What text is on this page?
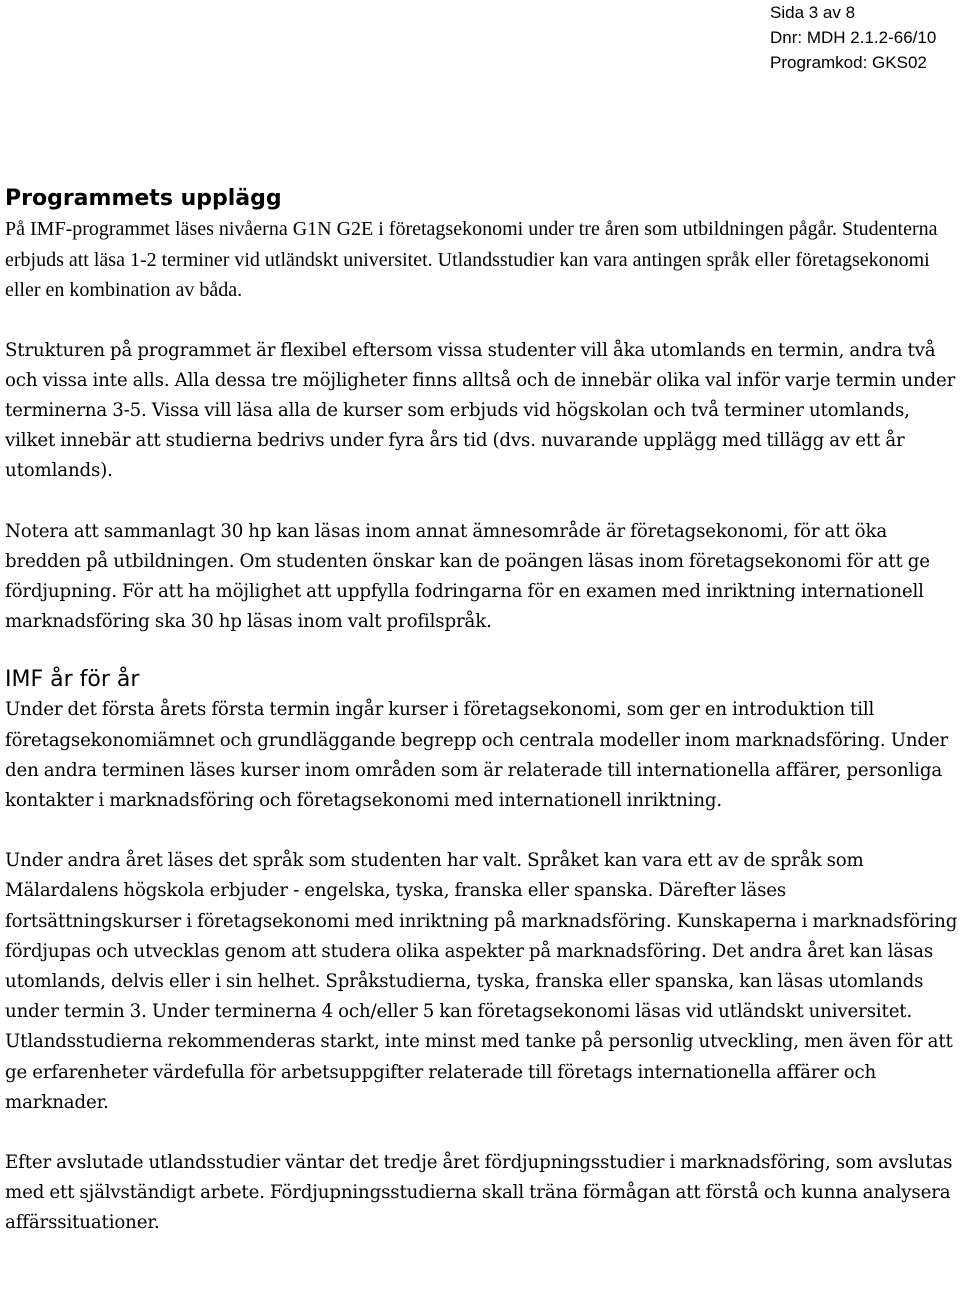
Sida 3 av 8
Dnr: MDH 2.1.2-66/10
Programkod: GKS02
Programmets upplägg

På IMF-programmet läses nivåerna G1N G2E i företagsekonomi under tre åren som utbildningen pågår. Studenterna erbjuds att läsa 1-2 terminer vid utländskt universitet. Utlandsstudier kan vara antingen språk eller företagsekonomi eller en kombination av båda.

Strukturen på programmet är flexibel eftersom vissa studenter vill åka utomlands en termin, andra två och vissa inte alls. Alla dessa tre möjligheter finns alltså och de innebär olika val inför varje termin under terminerna 3-5. Vissa vill läsa alla de kurser som erbjuds vid högskolan och två terminer utomlands, vilket innebär att studierna bedrivs under fyra års tid (dvs. nuvarande upplägg med tillägg av ett år utomlands).

Notera att sammanlagt 30 hp kan läsas inom annat ämnesområde är företagsekonomi, för att öka bredden på utbildningen. Om studenten önskar kan de poängen läsas inom företagsekonomi för att ge fördjupning. För att ha möjlighet att uppfylla fodringarna för en examen med inriktning internationell marknadsföring ska 30 hp läsas inom valt profilspråk.

IMF år för år

Under det första årets första termin ingår kurser i företagsekonomi, som ger en introduktion till företagsekonomiämnet och grundläggande begrepp och centrala modeller inom marknadsföring. Under den andra terminen läses kurser inom områden som är relaterade till internationella affärer, personliga kontakter i marknadsföring och företagsekonomi med internationell inriktning.

Under andra året läses det språk som studenten har valt. Språket kan vara ett av de språk som Mälardalens högskola erbjuder - engelska, tyska, franska eller spanska. Därefter läses fortsättningskurser i företagsekonomi med inriktning på marknadsföring. Kunskaperna i marknadsföring fördjupas och utvecklas genom att studera olika aspekter på marknadsföring. Det andra året kan läsas utomlands, delvis eller i sin helhet. Språkstudierna, tyska, franska eller spanska, kan läsas utomlands under termin 3. Under terminerna 4 och/eller 5 kan företagsekonomi läsas vid utländskt universitet. Utlandsstudierna rekommenderas starkt, inte minst med tanke på personlig utveckling, men även för att ge erfarenheter värdefulla för arbetsuppgifter relaterade till företags internationella affärer och marknader.

Efter avslutade utlandsstudier väntar det tredje året fördjupningsstudier i marknadsföring, som avslutas med ett självständigt arbete. Fördjupningsstudierna skall träna förmågan att förstå och kunna analysera affärssituationer.
